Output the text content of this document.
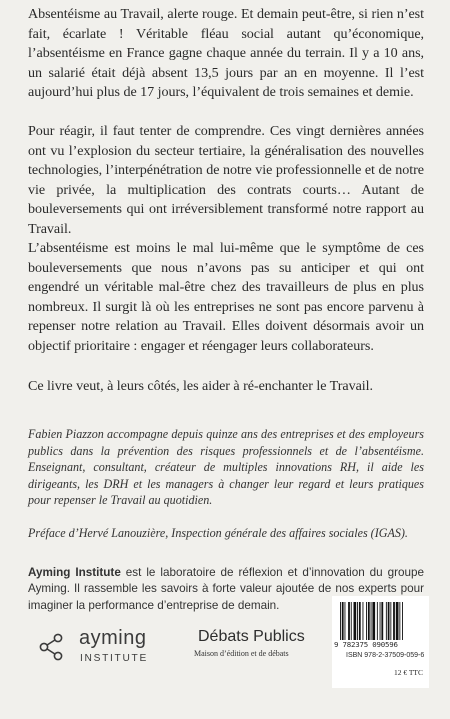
Absentéisme au Travail, alerte rouge. Et demain peut-être, si rien n’est fait, écarlate ! Véritable fléau social autant qu’économique, l’absentéisme en France gagne chaque année du terrain. Il y a 10 ans, un salarié était déjà absent 13,5 jours par an en moyenne. Il l’est aujourd’hui plus de 17 jours, l’équivalent de trois semaines et demie.

Pour réagir, il faut tenter de comprendre. Ces vingt dernières années ont vu l’explosion du secteur tertiaire, la généralisation des nouvelles technologies, l’interpénétration de notre vie professionnelle et de notre vie privée, la multiplication des contrats courts… Autant de bouleversements qui ont irréversiblement transformé notre rapport au Travail.

L’absentéisme est moins le mal lui-même que le symptôme de ces bouleversements que nous n’avons pas su anticiper et qui ont engendré un véritable mal-être chez des travailleurs de plus en plus nombreux. Il surgit là où les entreprises ne sont pas encore parvenu à repenser notre relation au Travail. Elles doivent désormais avoir un objectif prioritaire : engager et réengager leurs collaborateurs.

Ce livre veut, à leurs côtés, les aider à ré-enchanter le Travail.

Fabien Piazzon accompagne depuis quinze ans des entreprises et des employeurs publics dans la prévention des risques professionnels et de l’absentéisme. Enseignant, consultant, créateur de multiples innovations RH, il aide les dirigeants, les DRH et les managers à changer leur regard et leurs pratiques pour repenser le Travail au quotidien.
Préface d’Hervé Lanouzière, Inspection générale des affaires sociales (IGAS).
Ayming Institute est le laboratoire de réflexion et d’innovation du groupe Ayming. Il rassemble les savoirs à forte valeur ajoutée de nos experts pour imaginer la performance d’entreprise de demain.
ayming
INSTITUTE
Débats Publics
Maison d’édition et de débats
9 782375 090596
ISBN 978-2-37509-059-6
12 € TTC
